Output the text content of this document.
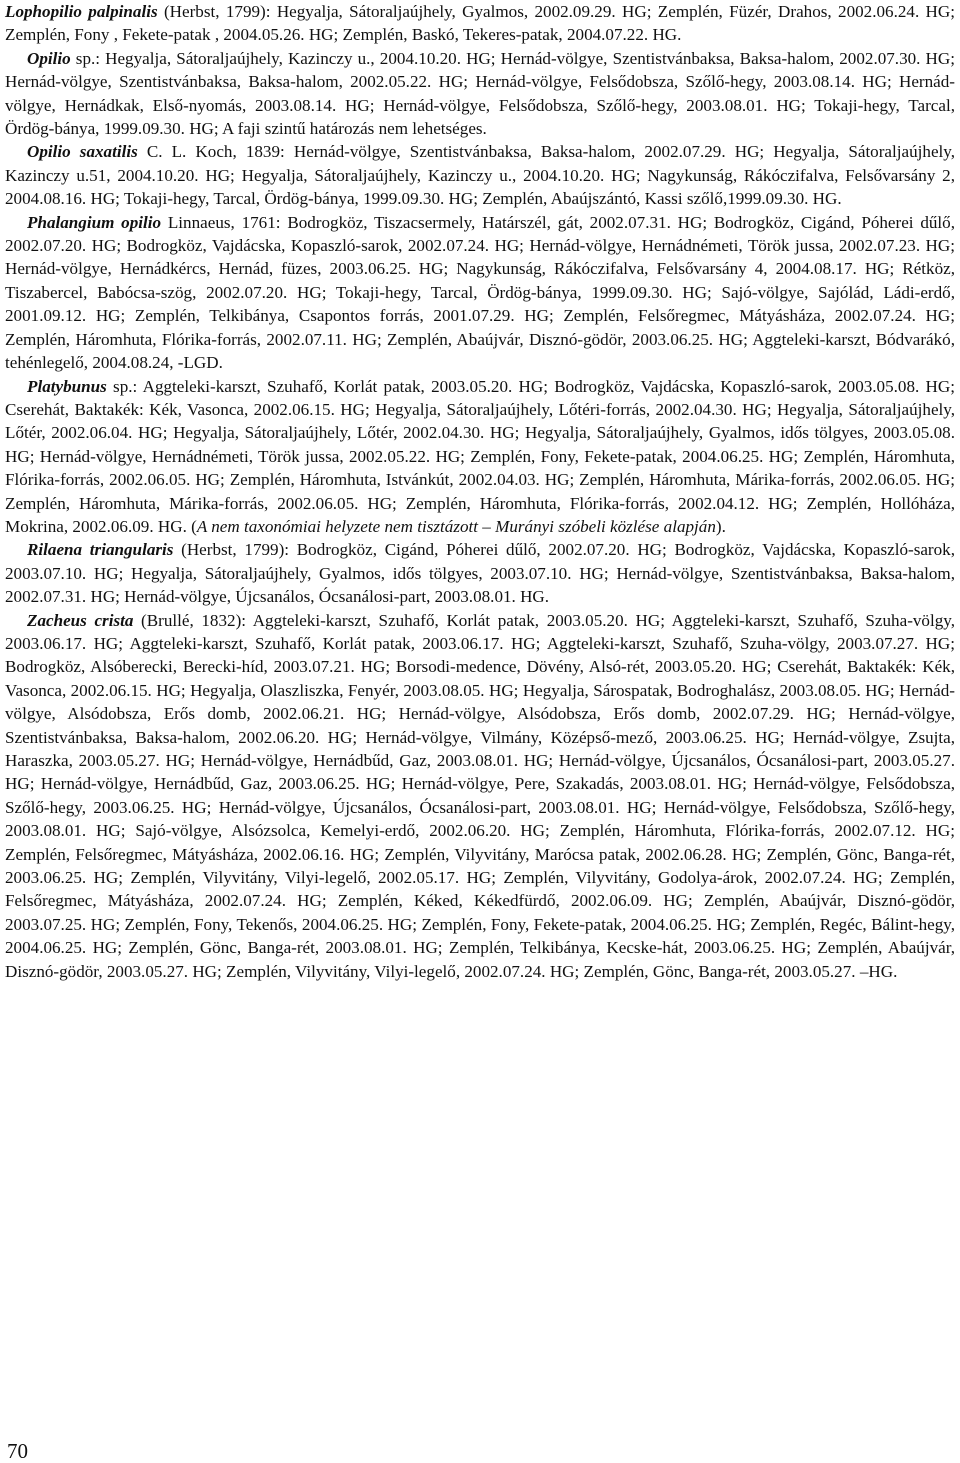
Lophopilio palpinalis (Herbst, 1799): Hegyalja, Sátoraljaújhely, Gyalmos, 2002.09.29. HG; Zemplén, Füzér, Drahos, 2002.06.24. HG; Zemplén, Fony , Fekete-patak , 2004.05.26. HG; Zemplén, Baskó, Tekeres-patak, 2004.07.22. HG.

Opilio sp.: Hegyalja, Sátoraljaújhely, Kazinczy u., 2004.10.20. HG; Hernád-völgye, Szentistvánbaksa, Baksa-halom, 2002.07.30. HG; Hernád-völgye, Szentistvánbaksa, Baksa-halom, 2002.05.22. HG; Hernád-völgye, Felsődobsza, Szőlő-hegy, 2003.08.14. HG; Hernád-völgye, Hernádkak, Első-nyomás, 2003.08.14. HG; Hernád-völgye, Felsődobsza, Szőlő-hegy, 2003.08.01. HG; Tokaji-hegy, Tarcal, Ördög-bánya, 1999.09.30. HG; A faji szintű határozás nem lehetséges.

Opilio saxatilis C. L. Koch, 1839: Hernád-völgye, Szentistvánbaksa, Baksa-halom, 2002.07.29. HG; Hegyalja, Sátoraljaújhely, Kazinczy u.51, 2004.10.20. HG; Hegyalja, Sátoraljaújhely, Kazinczy u., 2004.10.20. HG; Nagykunság, Rákóczifalva, Felsővarsány 2, 2004.08.16. HG; Tokaji-hegy, Tarcal, Ördög-bánya, 1999.09.30. HG; Zemplén, Abaújszántó, Kassi szőlő,1999.09.30. HG.

Phalangium opilio Linnaeus, 1761: Bodrogköz, Tiszacsermely, Határszél, gát, 2002.07.31. HG; Bodrogköz, Cigánd, Póherei dűlő, 2002.07.20. HG; Bodrogköz, Vajdácska, Kopaszló-sarok, 2002.07.24. HG; Hernád-völgye, Hernádnémeti, Török jussa, 2002.07.23. HG; Hernád-völgye, Hernádkércs, Hernád, füzes, 2003.06.25. HG; Nagykunság, Rákóczifalva, Felsővarsány 4, 2004.08.17. HG; Rétköz, Tiszabercel, Babócsa-szög, 2002.07.20. HG; Tokaji-hegy, Tarcal, Ördög-bánya, 1999.09.30. HG; Sajó-völgye, Sajólád, Ládi-erdő, 2001.09.12. HG; Zemplén, Telkibánya, Csapontos forrás, 2001.07.29. HG; Zemplén, Felsőregmec, Mátyásháza, 2002.07.24. HG; Zemplén, Háromhuta, Flórika-forrás, 2002.07.11. HG; Zemplén, Abaújvár, Disznó-gödör, 2003.06.25. HG; Aggteleki-karszt, Bódvarákó, tehénlegelő, 2004.08.24, -LGD.

Platybunus sp.: Aggteleki-karszt, Szuhafő, Korlát patak, 2003.05.20. HG; Bodrogköz, Vajdácska, Kopaszló-sarok, 2003.05.08. HG; Cserehát, Baktakék: Kék, Vasonca, 2002.06.15. HG; Hegyalja, Sátoraljaújhely, Lőtéri-forrás, 2002.04.30. HG; Hegyalja, Sátoraljaújhely, Lőtér, 2002.06.04. HG; Hegyalja, Sátoraljaújhely, Lőtér, 2002.04.30. HG; Hegyalja, Sátoraljaújhely, Gyalmos, idős tölgyes, 2003.05.08. HG; Hernád-völgye, Hernádnémeti, Török jussa, 2002.05.22. HG; Zemplén, Fony, Fekete-patak, 2004.06.25. HG; Zemplén, Háromhuta, Flórika-forrás, 2002.06.05. HG; Zemplén, Háromhuta, Istvánkút, 2002.04.03. HG; Zemplén, Háromhuta, Márika-forrás, 2002.06.05. HG; Zemplén, Háromhuta, Márika-forrás, 2002.06.05. HG; Zemplén, Háromhuta, Flórika-forrás, 2002.04.12. HG; Zemplén, Hollóháza, Mokrina, 2002.06.09. HG. (A nem taxonómiai helyzete nem tisztázott – Murányi szóbeli közlése alapján).

Rilaena triangularis (Herbst, 1799): Bodrogköz, Cigánd, Póherei dűlő, 2002.07.20. HG; Bodrogköz, Vajdácska, Kopaszló-sarok, 2003.07.10. HG; Hegyalja, Sátoraljaújhely, Gyalmos, idős tölgyes, 2003.07.10. HG; Hernád-völgye, Szentistvánbaksa, Baksa-halom, 2002.07.31. HG; Hernád-völgye, Újcsanálos, Ócsanálosi-part, 2003.08.01. HG.

Zacheus crista (Brullé, 1832): Aggteleki-karszt, Szuhafő, Korlát patak, 2003.05.20. HG; Aggteleki-karszt, Szuhafő, Szuha-völgy, 2003.06.17. HG; Aggteleki-karszt, Szuhafő, Korlát patak, 2003.06.17. HG; Aggteleki-karszt, Szuhafő, Szuha-völgy, 2003.07.27. HG; Bodrogköz, Alsóberecki, Berecki-híd, 2003.07.21. HG; Borsodi-medence, Dövény, Alsó-rét, 2003.05.20. HG; Cserehát, Baktakék: Kék, Vasonca, 2002.06.15. HG; Hegyalja, Olaszliszka, Fenyér, 2003.08.05. HG; Hegyalja, Sárospatak, Bodroghalász, 2003.08.05. HG; Hernád-völgye, Alsódobsza, Erős domb, 2002.06.21. HG; Hernád-völgye, Alsódobsza, Erős domb, 2002.07.29. HG; Hernád-völgye, Szentistvánbaksa, Baksa-halom, 2002.06.20. HG; Hernád-völgye, Vilmány, Középső-mező, 2003.06.25. HG; Hernád-völgye, Zsujta, Haraszka, 2003.05.27. HG; Hernád-völgye, Hernádbűd, Gaz, 2003.08.01. HG; Hernád-völgye, Újcsanálos, Ócsanálosi-part, 2003.05.27. HG; Hernád-völgye, Hernádbűd, Gaz, 2003.06.25. HG; Hernád-völgye, Pere, Szakadás, 2003.08.01. HG; Hernád-völgye, Felsődobsza, Szőlő-hegy, 2003.06.25. HG; Hernád-völgye, Újcsanálos, Ócsanálosi-part, 2003.08.01. HG; Hernád-völgye, Felsődobsza, Szőlő-hegy, 2003.08.01. HG; Sajó-völgye, Alsózsolca, Kemelyi-erdő, 2002.06.20. HG; Zemplén, Háromhuta, Flórika-forrás, 2002.07.12. HG; Zemplén, Felsőregmec, Mátyásháza, 2002.06.16. HG; Zemplén, Vilyvitány, Marócsa patak, 2002.06.28. HG; Zemplén, Gönc, Banga-rét, 2003.06.25. HG; Zemplén, Vilyvitány, Vilyi-legelő, 2002.05.17. HG; Zemplén, Vilyvitány, Godolya-árok, 2002.07.24. HG; Zemplén, Felsőregmec, Mátyásháza, 2002.07.24. HG; Zemplén, Kéked, Kékedfürdő, 2002.06.09. HG; Zemplén, Abaújvár, Disznó-gödör, 2003.07.25. HG; Zemplén, Fony, Tekenős, 2004.06.25. HG; Zemplén, Fony, Fekete-patak, 2004.06.25. HG; Zemplén, Regéc, Bálint-hegy, 2004.06.25. HG; Zemplén, Gönc, Banga-rét, 2003.08.01. HG; Zemplén, Telkibánya, Kecske-hát, 2003.06.25. HG; Zemplén, Abaújvár, Disznó-gödör, 2003.05.27. HG; Zemplén, Vilyvitány, Vilyi-legelő, 2002.07.24. HG; Zemplén, Gönc, Banga-rét, 2003.05.27. –HG.

70
